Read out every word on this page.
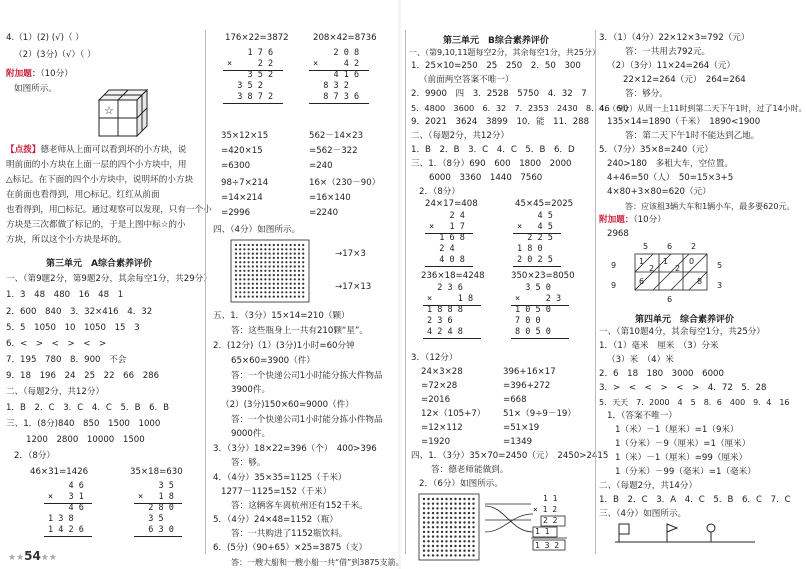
4.（1）(2) (√)（ ）
（2）(3分)（√）（ ）
附加题：（10分）
如图所示。
☆
【点拨】德老师从上面可以看到坏的小方块，说
明前面的小方块在上面一层的四个小方块中，用
△标记。在下面的四个小方块中，说明坏的小方块
在前面也看得到，用○标记。红红从前面
也看得到，用□标记。通过观察可以发现，只有一个小
方块是三次都做了标记的，于是上图中标☆的小
方块，所以这个小方块是坏的。
第三单元　A综合素养评价
一、（第9题2分，第9题2分，其余每空1分，共29分）
1．3　48　480　16　48　1
2．600　840　3．32×416　4．32
5．5　1050　10　1050　15　3
6．<　>　<　>　<　>
7．195　780　8．900　不会
9．18　196　24　25　22　66　286
二、（每题2分，共12分）
1．B　2．C　3．C　4．C　5．B　6．B
三、1．(8分)840　850　1500　1000
1200　2800　10000　1500
2．（8分）
46×31=1426
4 6
×   3 1
4 6
1 3 8
1 4 2 6
35×18=630
3 5
×   1 8
2 8 0
3 5
6 3 0
★★54★★
176×22=3872	208×42=8736
1 7 6
×     2 2
3 5 2
3 5 2
3 8 7 2
2 0 8
×     4 2
4 1 6
8 3 2
8 7 3 6
35×12×15	562－14×23
=420×15	=562－322
=6300	=240
98÷7×214	16×（230－90）
=14×214	=16×140
=2996	=2240
四、（4分）如图所示。
→17×3
→17×13
五、1．（3分）15×14=210（颗）
答：这些瓶身上一共有210颗“星”。
2．(12分)（1）(3分)1小时=60分钟
65×60=3900（件）
答：一个快递公司1小时能分拣大件物品
3900件。
（2）(3分)150×60=9000（件）
答：一个快递公司1小时能分拣小件物品
9000件。
3．（3分）18×22=396（个）　400>396
答：够。
4．（4分）35×35=1125（千米）
1277－1125=152（千米）
答：这辆客车离杭州还有152千米。
5．（4分）24×48=1152（瓶）
答：一共购进了1152瓶饮料。
6．(5分)（90+65）×25=3875（支）
答：一艘大船和一艘小船一共“借”到3875支箭。
第三单元　B综合素养评价
一、（第9,10,11题每空2分，其余每空1分，共25分）
1．25×10=250　25　250　2．50　300
（前面两空答案不唯一）
2．9900　四　3．2528　5750　4．32　7
5．4800　3600　6．32　7．2353　2430　8．46　90
9．2021　3624　3899　10．能　11．288
二、（每题2分，共12分）
1．B　2．B　3．C　4．C　5．B　6．D
三、1．（8分）690　600　1800　2000
6000　3360　1440　7560
2．（8分）
24×17=408	45×45=2025
2 4
×   1 7
1 6 8
2 4
4 0 8
4 5
×   4 5
2 2 5
1 8 0
2 0 2 5
236×18=4248	350×23=8050
2 3 6
×     1 8
1 8 8 8
2 3 6
4 2 4 8
3 5 0
×     2 3
1 0 5 0
7 0 0
8 0 5 0
3．（12分）
24×3×28	396+16×17
=72×28	=396+272
=2016	=668
12×（105+7） 51×（9÷9－19）
=12×112	=51×19
=1920	=1349
四、1．（3分）35×70=2450（元）　2450>2415
答：德老师能做到。
2．（6分）如图所示。
1 1
× 1 2
2 2
1 1
1 3 2
3．（1）（4分）22×12×3=792（元）
答：一共用去792元。
（2）（3分）11×24=264（元）
22×12=264（元）　264=264
答：够分。
4．（6分）从周一上11时到第二天下午1时，过了14小时。
135×14=1890（千米）　1890<1900
答：第二天下午1时不能达到乙地。
5．（7分）35×8=240（元）
240>180　多租大车，空位置。
4+46=50（人）　50=15×3+5
4×80+3×80=620（元）
答：应该租3辆大车和1辆小车，最多要620元。
附加题：（10分）
2968
5 6 2
1
2	5
1
2
0
9
6	8
9	3
6
第四单元　综合素养评价
一、（第10题4分，其余每空1分，共25分）
1．（1）毫米　厘米　（3）分米
（3）米　（4）米
2．6　18　180　3000　6000
3．>　<　<　>　<　>　4．72　5．28
5．天天　7．2000　4　5　8．6　400　9．4　16
1．（答案不唯一）
1（米）－1（厘米）=1（9米）
1（分米）－9（厘米）=1（厘米）
1（米）－1（厘米）=99（厘米）
1（分米）－99（毫米）=1（毫米）
二、（每题2分，共14分）
1．B　2．C　3．A　4．C　5．B　6．C　7．C
三、（4分）如图所示。
